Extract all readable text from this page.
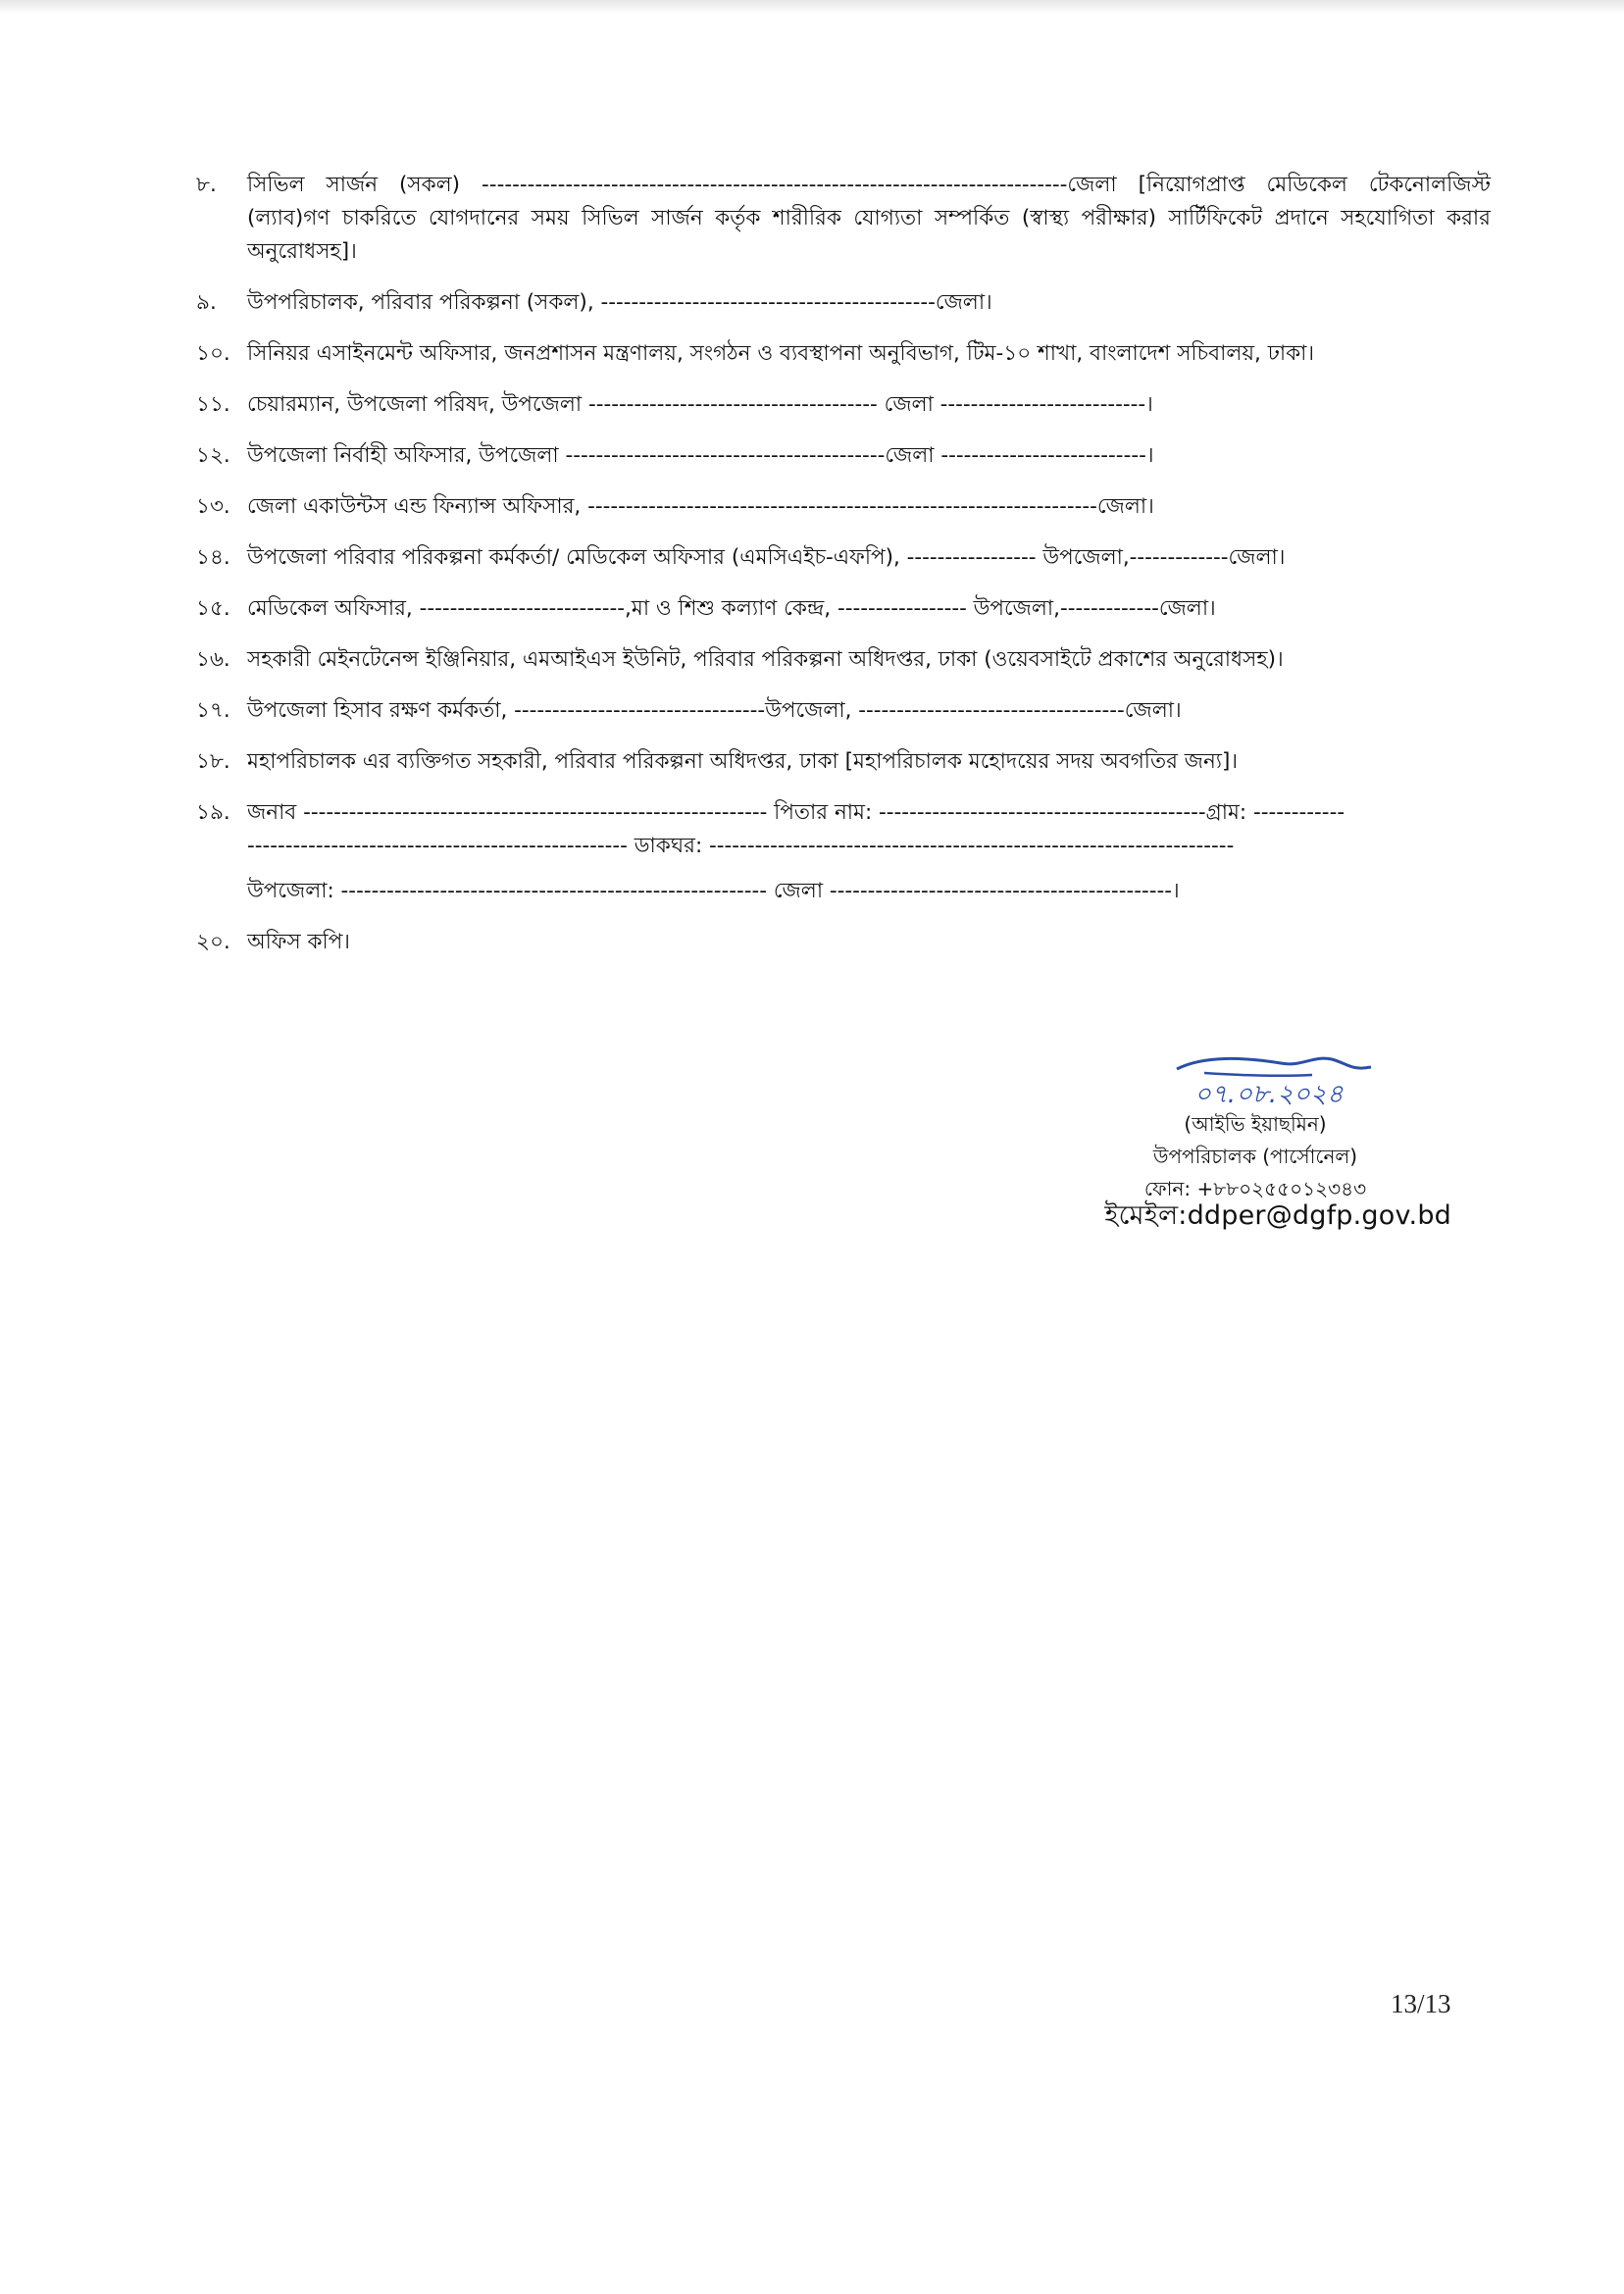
৮. সিভিল সার্জন (সকল) -----------------------------------------------------------------------------জেলা [নিয়োগপ্রাপ্ত মেডিকেল টেকনোলজিস্ট (ল্যাব)গণ চাকরিতে যোগদানের সময় সিভিল সার্জন কর্তৃক শারীরিক যোগ্যতা সম্পর্কিত (স্বাস্থ্য পরীক্ষার) সার্টিফিকেট প্রদানে সহযোগিতা করার অনুরোধসহ]।
৯. উপপরিচালক, পরিবার পরিকল্পনা (সকল), --------------------------------------------জেলা।
১০. সিনিয়র এসাইনমেন্ট অফিসার, জনপ্রশাসন মন্ত্রণালয়, সংগঠন ও ব্যবস্থাপনা অনুবিভাগ, টিম-১০ শাখা, বাংলাদেশ সচিবালয়, ঢাকা।
১১. চেয়ারম্যান, উপজেলা পরিষদ, উপজেলা -------------------------------------- জেলা ---------------------------।
১২. উপজেলা নির্বাহী অফিসার, উপজেলা ------------------------------------------জেলা ---------------------------।
১৩. জেলা একাউন্টস এন্ড ফিন্যান্স অফিসার, -------------------------------------------------------------------জেলা।
১৪. উপজেলা পরিবার পরিকল্পনা কর্মকর্তা/ মেডিকেল অফিসার (এমসিএইচ-এফপি), ----------------- উপজেলা,-------------জেলা।
১৫. মেডিকেল অফিসার, ---------------------------,মা ও শিশু কল্যাণ কেন্দ্র, ----------------- উপজেলা,-------------জেলা।
১৬. সহকারী মেইনটেনেন্স ইঞ্জিনিয়ার, এমআইএস ইউনিট, পরিবার পরিকল্পনা অধিদপ্তর, ঢাকা (ওয়েবসাইটে প্রকাশের অনুরোধসহ)।
১৭. উপজেলা হিসাব রক্ষণ কর্মকর্তা, ---------------------------------উপজেলা, -----------------------------------জেলা।
১৮. মহাপরিচালক এর ব্যক্তিগত সহকারী, পরিবার পরিকল্পনা অধিদপ্তর, ঢাকা [মহাপরিচালক মহোদয়ের সদয় অবগতির জন্য]।
১৯. জনাব ------------------------------------------------------------- পিতার নাম: -------------------------------------------গ্রাম: ------------
-------------------------------------------------- ডাকঘর: ---------------------------------------------------------------------
উপজেলা: -------------------------------------------------------- জেলা ---------------------------------------------।
২০. অফিস কপি।
০৭.০৮.২০২৪
(আইভি ইয়াছমিন)
উপপরিচালক (পার্সোনেল)
ফোন: +৮৮০২৫৫০১২৩৪৩
ইমেইল:ddper@dgfp.gov.bd
13/13
